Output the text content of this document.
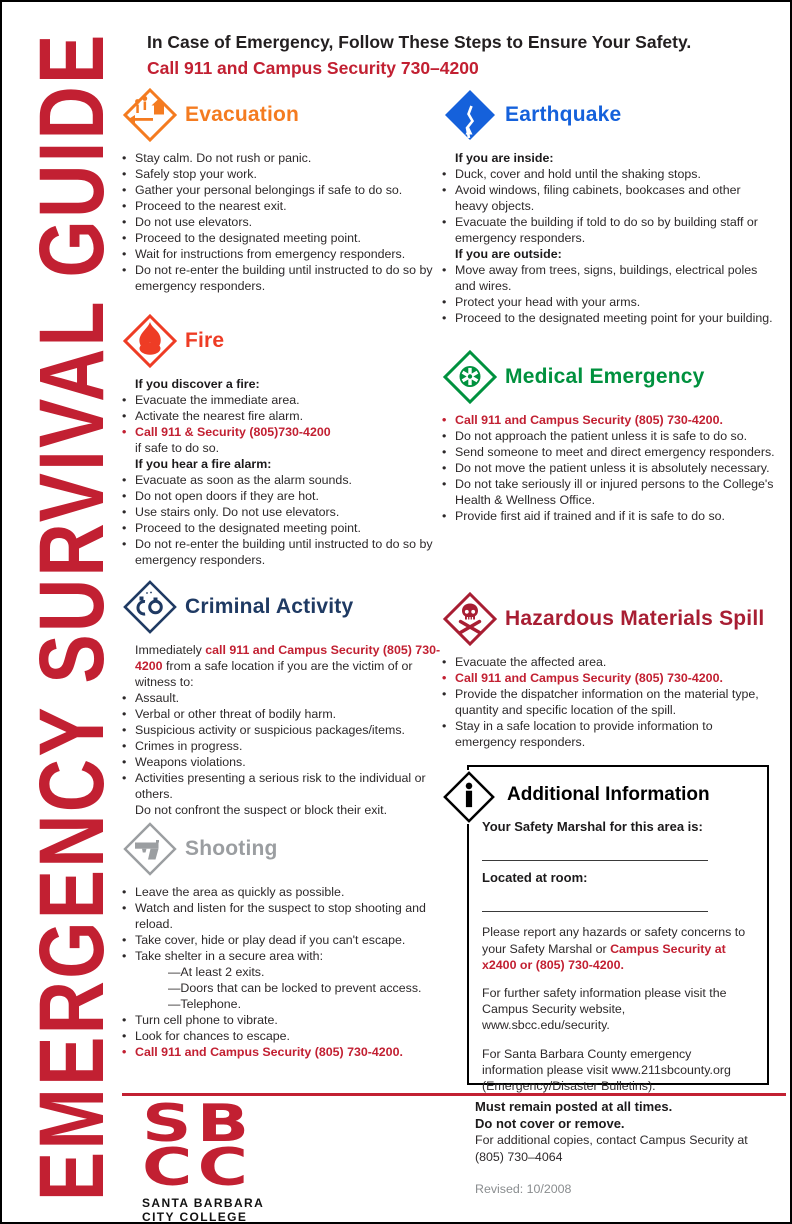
EMERGENCY SURVIVAL GUIDE In Case of Emergency, Follow These Steps to Ensure Your Safety.
Call 911 and Campus Security 730–4200
Evacuation
• Stay calm. Do not rush or panic.
• Safely stop your work.
• Gather your personal belongings if safe to do so.
• Proceed to the nearest exit.
• Do not use elevators.
• Proceed to the designated meeting point.
• Wait for instructions from emergency responders.
• Do not re-enter the building until instructed to do so by emergency responders.
Fire
If you discover a fire:
• Evacuate the immediate area.
• Activate the nearest fire alarm.
• Call 911 & Security (805)730-4200
if safe to do so.
If you hear a fire alarm:
• Evacuate as soon as the alarm sounds.
• Do not open doors if they are hot.
• Use stairs only. Do not use elevators.
• Proceed to the designated meeting point.
• Do not re-enter the building until instructed to do so by emergency responders.
Criminal Activity
Immediately call 911 and Campus Security (805) 730-4200 from a safe location if you are the victim of or witness to:
• Assault.
• Verbal or other threat of bodily harm.
• Suspicious activity or suspicious packages/items.
• Crimes in progress.
• Weapons violations.
• Activities presenting a serious risk to the individual or others.
Do not confront the suspect or block their exit.
Shooting
• Leave the area as quickly as possible.
• Watch and listen for the suspect to stop shooting and reload.
• Take cover, hide or play dead if you can't escape.
• Take shelter in a secure area with:
—At least 2 exits.
—Doors that can be locked to prevent access.
—Telephone.
• Turn cell phone to vibrate.
• Look for chances to escape.
• Call 911 and Campus Security (805) 730-4200.
Earthquake
If you are inside:
• Duck, cover and hold until the shaking stops.
• Avoid windows, filing cabinets, bookcases and other heavy objects.
• Evacuate the building if told to do so by building staff or emergency responders.
If you are outside:
• Move away from trees, signs, buildings, electrical poles and wires.
• Protect your head with your arms.
• Proceed to the designated meeting point for your building.
Medical Emergency
• Call 911 and Campus Security (805) 730-4200.
• Do not approach the patient unless it is safe to do so.
• Send someone to meet and direct emergency responders.
• Do not move the patient unless it is absolutely necessary.
• Do not take seriously ill or injured persons to the College's Health & Wellness Office.
• Provide first aid if trained and if it is safe to do so.
Hazardous Materials Spill
• Evacuate the affected area.
• Call 911 and Campus Security (805) 730-4200.
• Provide the dispatcher information on the material type, quantity and specific location of the spill.
• Stay in a safe location to provide information to emergency responders.
Additional Information
Your Safety Marshal for this area is:
Located at room:

Please report any hazards or safety concerns to your Safety Marshal or Campus Security at x2400 or (805) 730-4200.

For further safety information please visit the Campus Security website, www.sbcc.edu/security.

For Santa Barbara County emergency information please visit www.211sbcounty.org (Emergency/Disaster Bulletins).

SB
CC
SANTA BARBARA
CITY COLLEGE
Must remain posted at all times.
Do not cover or remove.
For additional copies, contact Campus Security at (805) 730–4064
Revised: 10/2008
